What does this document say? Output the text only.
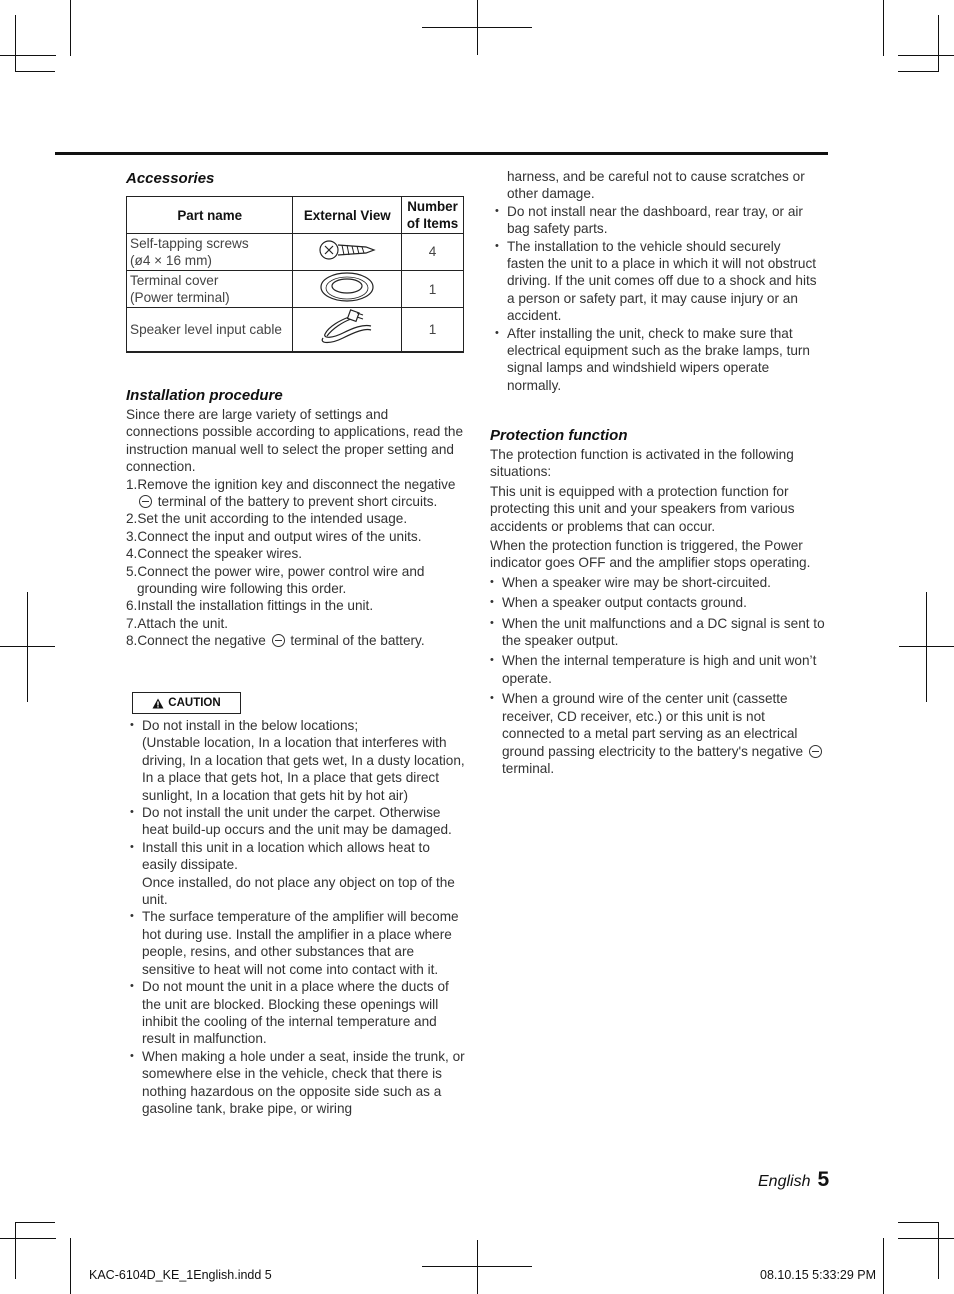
Accessories
Part name	External View	Number of Items
Self-tapping screws
(ø4 × 16 mm)		4
Terminal cover
(Power terminal)		1
Speaker level input cable		1
Installation procedure

Since there are large variety of settings and connections possible according to applications, read the instruction manual well to select the proper setting and connection.

1.Remove the ignition key and disconnect the negative  terminal of the battery to prevent short circuits.
2.Set the unit according to the intended usage.
3.Connect the input and output wires of the units.
4.Connect the speaker wires.
5.Connect the power wire, power control wire and grounding wire following this order.
6.Install the installation fittings in the unit.
7.Attach the unit.
8.Connect the negative  terminal of the battery.
CAUTION
• Do not install in the below locations;
(Unstable location, In a location that interferes with driving, In a location that gets wet, In a dusty location, In a place that gets hot, In a place that gets direct sunlight, In a location that gets hit by hot air)
• Do not install the unit under the carpet. Otherwise heat build-up occurs and the unit may be damaged.
• Install this unit in a location which allows heat to easily dissipate.
Once installed, do not place any object on top of the unit.
• The surface temperature of the amplifier will become hot during use. Install the amplifier in a place where people, resins, and other substances that are sensitive to heat will not come into contact with it.
• Do not mount the unit in a place where the ducts of the unit are blocked. Blocking these openings will inhibit the cooling of the internal temperature and result in malfunction.
• When making a hole under a seat, inside the trunk, or somewhere else in the vehicle, check that there is nothing hazardous on the opposite side such as a gasoline tank, brake pipe, or wiring

harness, and be careful not to cause scratches or other damage.

• Do not install near the dashboard, rear tray, or air bag safety parts.
• The installation to the vehicle should securely fasten the unit to a place in which it will not obstruct driving. If the unit comes off due to a shock and hits a person or safety part, it may cause injury or an accident.
• After installing the unit, check to make sure that electrical equipment such as the brake lamps, turn signal lamps and windshield wipers operate normally.
Protection function

The protection function is activated in the following situations:

This unit is equipped with a protection function for protecting this unit and your speakers from various accidents or problems that can occur.

When the protection function is triggered, the Power indicator goes OFF and the amplifier stops operating.

• When a speaker wire may be short-circuited.
• When a speaker output contacts ground.
• When the unit malfunctions and a DC signal is sent to the speaker output.
• When the internal temperature is high and unit won’t operate.
• When a ground wire of the center unit (cassette receiver, CD receiver, etc.) or this unit is not connected to a metal part serving as an electrical ground passing electricity to the battery's negative  terminal.
English 5
KAC-6104D_KE_1English.indd 5	08.10.15 5:33:29 PM
